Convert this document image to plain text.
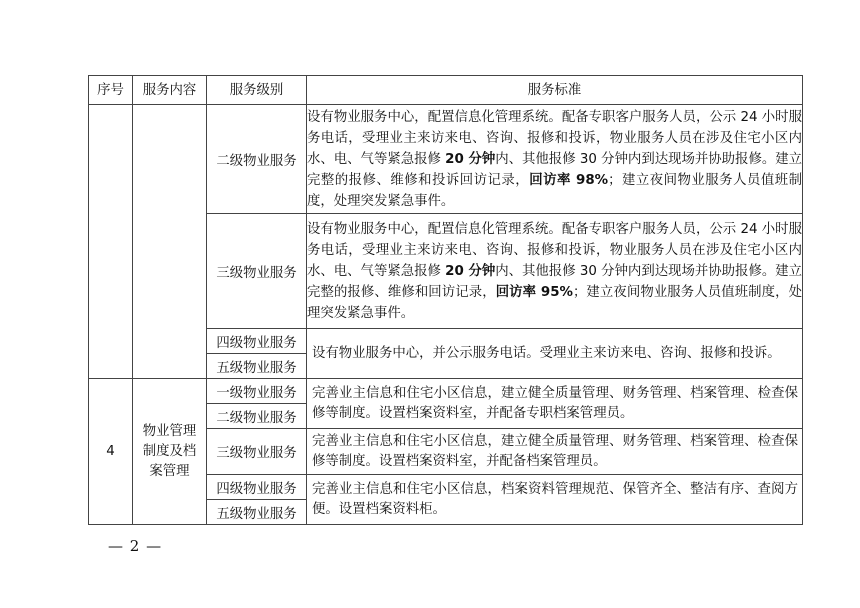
序号	服务内容	服务级别	服务标准
		二级物业服务	设有物业服务中心，配置信息化管理系统。配备专职客户服务人员，公示 24 小时服务电话，受理业主来访来电、咨询、报修和投诉，物业服务人员在涉及住宅小区内水、电、气等紧急报修 20 分钟内、其他报修 30 分钟内到达现场并协助报修。建立完整的报修、维修和投诉回访记录，回访率 98%；建立夜间物业服务人员值班制度，处理突发紧急事件。
		三级物业服务	设有物业服务中心，配置信息化管理系统。配备专职客户服务人员，公示 24 小时服务电话，受理业主来访来电、咨询、报修和投诉，物业服务人员在涉及住宅小区内水、电、气等紧急报修 20 分钟内、其他报修 30 分钟内到达现场并协助报修。建立完整的报修、维修和回访记录，回访率 95%；建立夜间物业服务人员值班制度，处理突发紧急事件。
		四级物业服务	设有物业服务中心，并公示服务电话。受理业主来访来电、咨询、报修和投诉。
		五级物业服务	
4	物业管理制度及档案管理	一级物业服务	完善业主信息和住宅小区信息，建立健全质量管理、财务管理、档案管理、检查保修等制度。设置档案资料室，并配备专职档案管理员。
		二级物业服务	
		三级物业服务	完善业主信息和住宅小区信息，建立健全质量管理、财务管理、档案管理、检查保修等制度。设置档案资料室，并配备档案管理员。
		四级物业服务	完善业主信息和住宅小区信息，档案资料管理规范、保管齐全、整洁有序、查阅方便。设置档案资料柜。
		五级物业服务	
— 2 —
